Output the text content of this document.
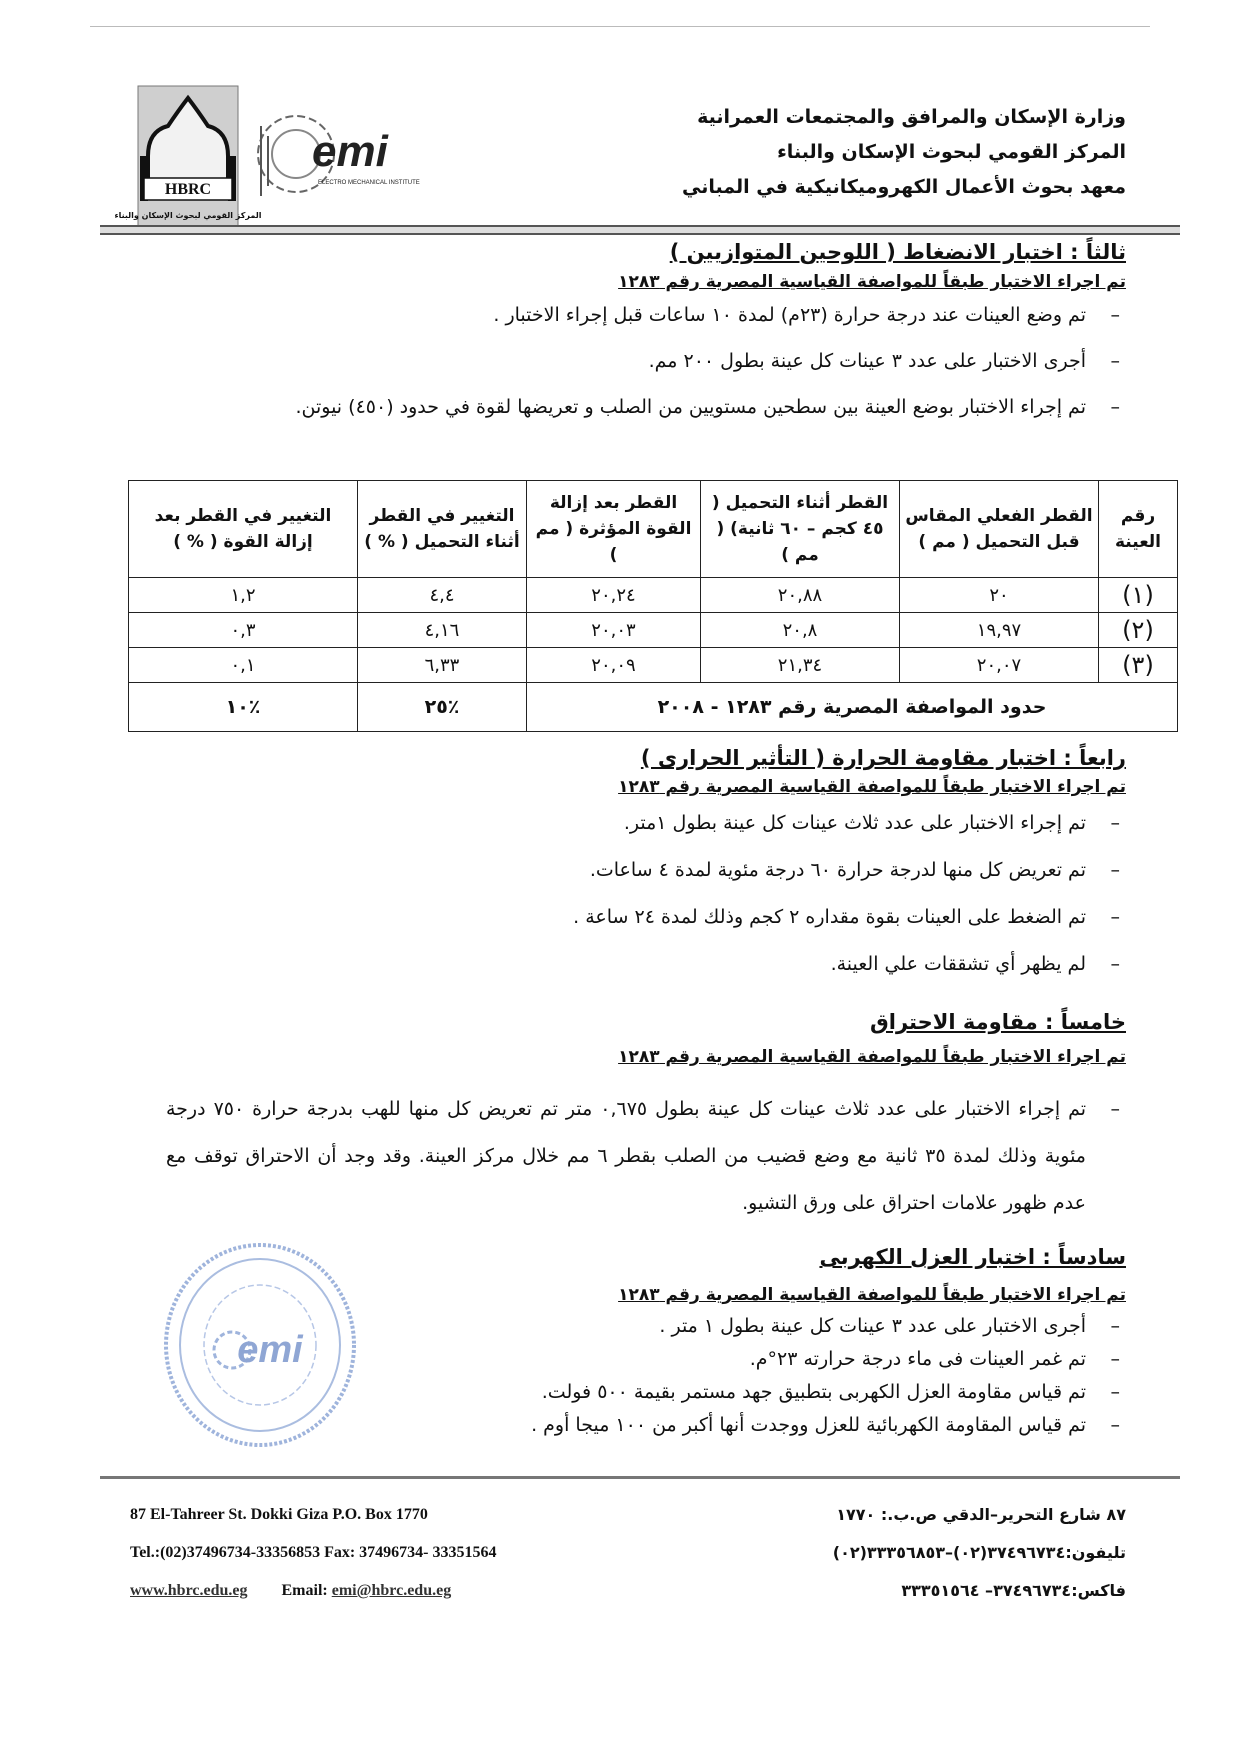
HBRC
المركز القومي لبحوث الإسكان والبناء
emi
ELECTRO MECHANICAL INSTITUTE
وزارة الإسكان والمرافق والمجتمعات العمرانية
المركز القومي لبحوث الإسكان والبناء
معهد بحوث الأعمال الكهروميكانيكية في المباني
ثالثاً : اختبار الانضغاط ( اللوحين المتوازيين )
تم اجراء الاختبار طبقاً للمواصفة القياسية المصرية رقم ١٢٨٣
– تم وضع العينات عند درجة حرارة (٢٣م) لمدة ١٠ ساعات قبل إجراء الاختبار .
– أجرى الاختبار على عدد ٣ عينات كل عينة بطول ٢٠٠ مم.
– تم إجراء الاختبار بوضع العينة بين سطحين مستويين من الصلب و تعريضها لقوة في حدود (٤٥٠) نيوتن.
رقم العينة	القطر الفعلي المقاس قبل التحميل ( مم )	القطر أثناء التحميل ( ٤٥ كجم – ٦٠ ثانية) ( مم )	القطر بعد إزالة القوة المؤثرة ( مم )	التغيير في القطر أثناء التحميل ( % )	التغيير في القطر بعد إزالة القوة ( % )
(١)	٢٠	٢٠,٨٨	٢٠,٢٤	٤,٤	١,٢
(٢)	١٩,٩٧	٢٠,٨	٢٠,٠٣	٤,١٦	٠,٣
(٣)	٢٠,٠٧	٢١,٣٤	٢٠,٠٩	٦,٣٣	٠,١
حدود المواصفة المصرية رقم ١٢٨٣ - ٢٠٠٨				٪٢٥	٪١٠
رابعاً : اختبار مقاومة الحرارة ( التأثير الحرارى )
تم اجراء الاختبار طبقاً للمواصفة القياسية المصرية رقم ١٢٨٣
– تم إجراء الاختبار على عدد ثلاث عينات كل عينة بطول ١متر.
– تم تعريض كل منها لدرجة حرارة ٦٠ درجة مئوية لمدة ٤ ساعات.
– تم الضغط على العينات بقوة مقداره ٢ كجم وذلك لمدة ٢٤ ساعة .
– لم يظهر أي تشققات علي العينة.
خامساً : مقاومة الاحتراق
تم اجراء الاختبار طبقاً للمواصفة القياسية المصرية رقم ١٢٨٣
–
تم إجراء الاختبار على عدد ثلاث عينات كل عينة بطول ٠,٦٧٥ متر تم تعريض كل منها للهب بدرجة حرارة ٧٥٠ درجة مئوية وذلك لمدة ٣٥ ثانية مع وضع قضيب من الصلب بقطر ٦ مم خلال مركز العينة. وقد وجد أن الاحتراق توقف مع عدم ظهور علامات احتراق على ورق التشيو.
سادساً : اختبار العزل الكهربى
تم اجراء الاختبار طبقاً للمواصفة القياسية المصرية رقم ١٢٨٣
– أجرى الاختبار على عدد ٣ عينات كل عينة بطول ١ متر .
– تم غمر العينات فى ماء درجة حرارته ٢٣°م.
– تم قياس مقاومة العزل الكهربى بتطبيق جهد مستمر بقيمة ٥٠٠ فولت.
– تم قياس المقاومة الكهربائية للعزل ووجدت أنها أكبر من ١٠٠ ميجا أوم .
emi
87 El-Tahreer St. Dokki Giza P.O. Box 1770
Tel.:(02)37496734-33356853 Fax: 37496734- 33351564
www.hbrc.edu.eg Email: emi@hbrc.edu.eg
٨٧ شارع التحرير–الدقي ص.ب.: ١٧٧٠
تليفون:٣٧٤٩٦٧٣٤(٠٢)–٣٣٣٥٦٨٥٣(٠٢)
فاكس:٣٧٤٩٦٧٣٤– ٣٣٣٥١٥٦٤
